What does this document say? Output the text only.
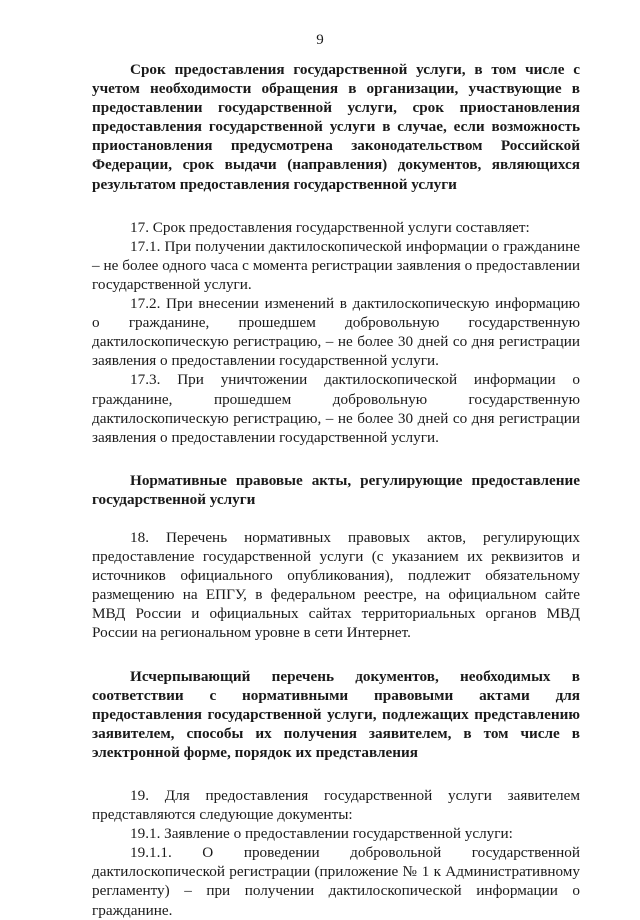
9

Срок предоставления государственной услуги, в том числе с учетом необходимости обращения в организации, участвующие в предоставлении государственной услуги, срок приостановления предоставления государственной услуги в случае, если возможность приостановления предусмотрена законодательством Российской Федерации, срок выдачи (направления) документов, являющихся результатом предоставления государственной услуги

17. Срок предоставления государственной услуги составляет:

17.1. При получении дактилоскопической информации о гражданине – не более одного часа с момента регистрации заявления о предоставлении государственной услуги.

17.2. При внесении изменений в дактилоскопическую информацию о гражданине, прошедшем добровольную государственную дактилоскопическую регистрацию, – не более 30 дней со дня регистрации заявления о предоставлении государственной услуги.

17.3. При уничтожении дактилоскопической информации о гражданине, прошедшем добровольную государственную дактилоскопическую регистрацию, – не более 30 дней со дня регистрации заявления о предоставлении государственной услуги.

Нормативные правовые акты, регулирующие предоставление государственной услуги

18. Перечень нормативных правовых актов, регулирующих предоставление государственной услуги (с указанием их реквизитов и источников официального опубликования), подлежит обязательному размещению на ЕПГУ, в федеральном реестре, на официальном сайте МВД России и официальных сайтах территориальных органов МВД России на региональном уровне в сети Интернет.

Исчерпывающий перечень документов, необходимых в соответствии с нормативными правовыми актами для предоставления государственной услуги, подлежащих представлению заявителем, способы их получения заявителем, в том числе в электронной форме, порядок их представления

19. Для предоставления государственной услуги заявителем представляются следующие документы:

19.1. Заявление о предоставлении государственной услуги:

19.1.1. О проведении добровольной государственной дактилоскопической регистрации (приложение № 1 к Административному регламенту) – при получении дактилоскопической информации о гражданине.
